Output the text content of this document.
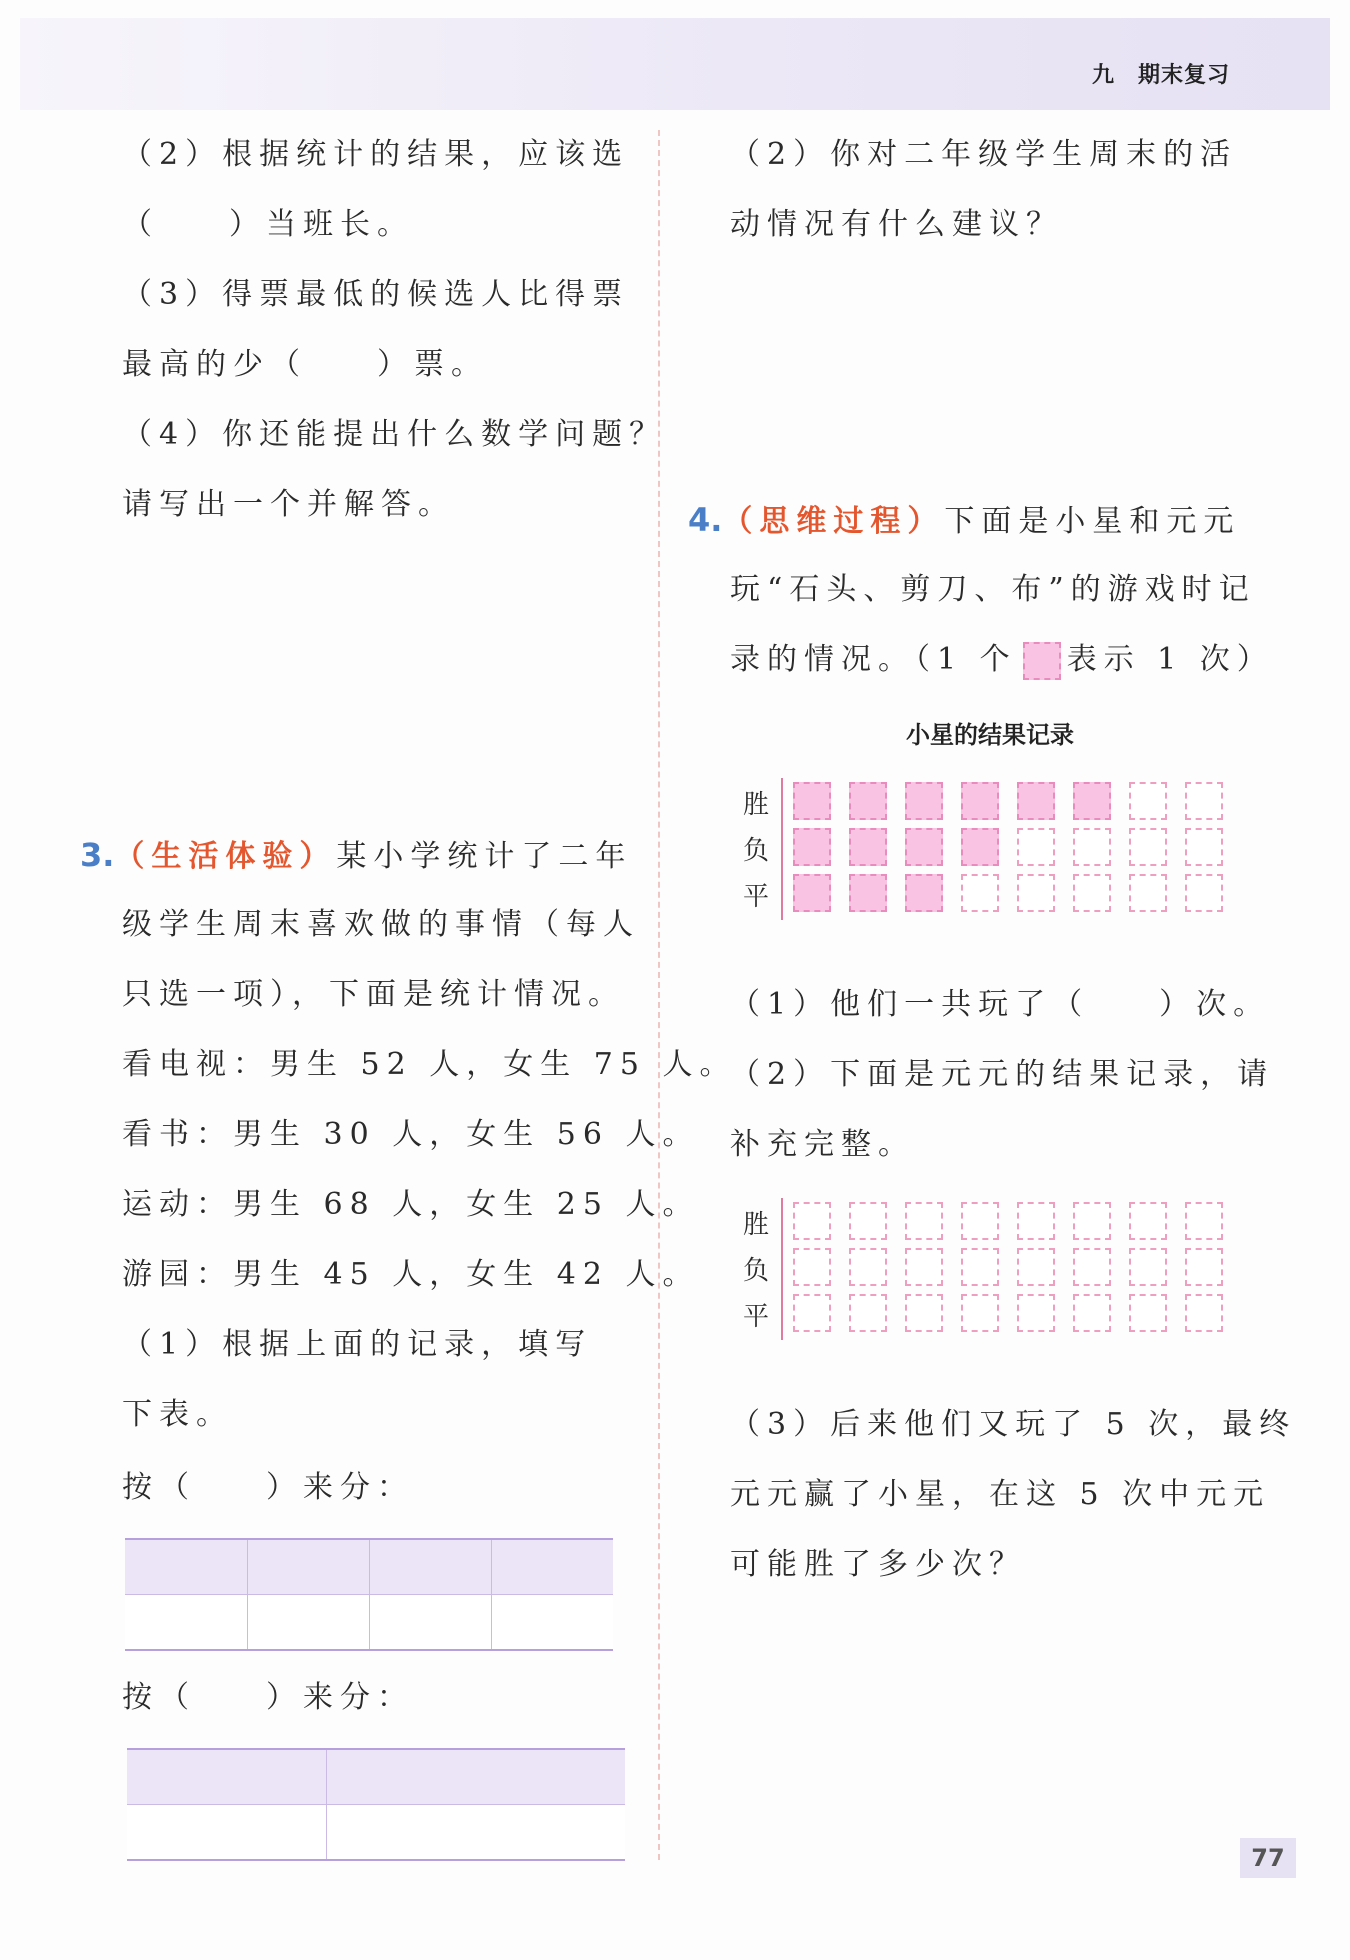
九　期末复习
（2）根据统计的结果，应该选
（ ）当班长。
（3）得票最低的候选人比得票
最高的少（ ）票。
（4）你还能提出什么数学问题？
请写出一个并解答。
3.（生活体验）某小学统计了二年
级学生周末喜欢做的事情（每人
只选一项），下面是统计情况。
看电视：男生 52 人，女生 75 人。
看书：男生 30 人，女生 56 人。
运动：男生 68 人，女生 25 人。
游园：男生 45 人，女生 42 人。
（1）根据上面的记录，填写
下表。
按（ ）来分：

按（ ）来分：

（2）你对二年级学生周末的活
动情况有什么建议？
4.（思维过程）下面是小星和元元
玩“石头、剪刀、布”的游戏时记
录的情况。（1 个 表示 1 次）
小星的结果记录
胜
负
平
（1）他们一共玩了（ ）次。
（2）下面是元元的结果记录，请
补充完整。
胜
负
平
（3）后来他们又玩了 5 次，最终
元元赢了小星，在这 5 次中元元
可能胜了多少次？
77
